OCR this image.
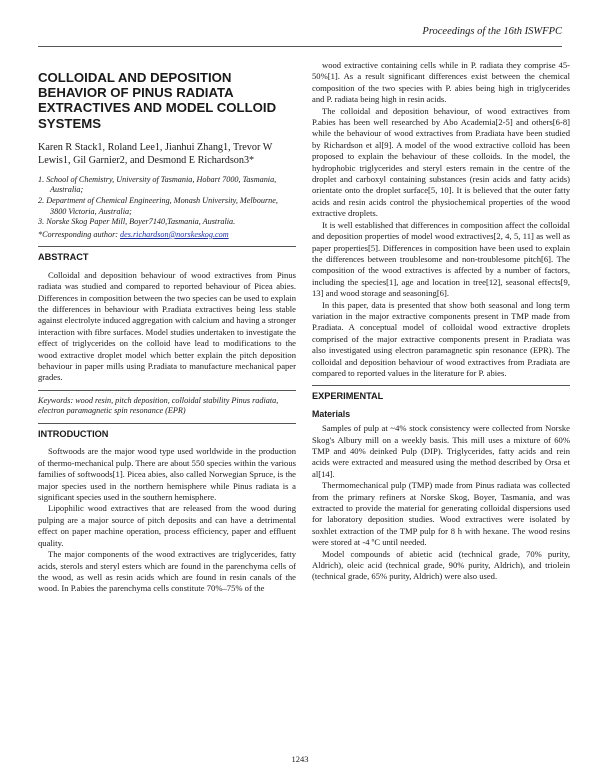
Proceedings of the 16th ISWFPC
COLLOIDAL AND DEPOSITION BEHAVIOR OF PINUS RADIATA EXTRACTIVES AND MODEL COLLOID SYSTEMS
Karen R Stack1, Roland Lee1, Jianhui Zhang1, Trevor W Lewis1, Gil Garnier2, and Desmond E Richardson3*
1. School of Chemistry, University of Tasmania, Hobart 7000, Tasmania, Australia;
2. Department of Chemical Engineering, Monash University, Melbourne, 3800 Victoria, Australia;
3. Norske Skog Paper Mill, Boyer7140,Tasmania, Australia.
*Corresponding author: des.richardson@norskeskog.com
ABSTRACT

Colloidal and deposition behaviour of wood extractives from Pinus radiata was studied and compared to reported behaviour of Picea abies. Differences in composition between the two species can be used to explain the differences in behaviour with P.radiata extractives being less stable against electrolyte induced aggregation with calcium and having a stronger interaction with fibre surfaces. Model studies undertaken to investigate the effect of triglycerides on the colloid have lead to modifications to the wood extractive droplet model which better explain the pitch deposition behaviour in paper mills using P.radiata to manufacture mechanical paper grades.

Keywords: wood resin, pitch deposition, colloidal stability Pinus radiata, electron paramagnetic spin resonance (EPR)
INTRODUCTION

Softwoods are the major wood type used worldwide in the production of thermo-mechanical pulp. There are about 550 species within the various families of softwoods[1]. Picea abies, also called Norwegian Spruce, is the major species used in the northern hemisphere while Pinus radiata is a significant species used in the southern hemisphere.

Lipophilic wood extractives that are released from the wood during pulping are a major source of pitch deposits and can have a detrimental effect on paper machine operation, process efficiency, paper and effluent quality.

The major components of the wood extractives are triglycerides, fatty acids, sterols and steryl esters which are found in the parenchyma cells of the wood, as well as resin acids which are found in resin canals of the wood. In P.abies the parenchyma cells constitute 70%–75% of the

wood extractive containing cells while in P. radiata they comprise 45-50%[1]. As a result significant differences exist between the chemical composition of the two species with P. abies being high in triglycerides and P. radiata being high in resin acids.

The colloidal and deposition behaviour, of wood extractives from P.abies has been well researched by Abo Academia[2-5] and others[6-8] while the behaviour of wood extractives from P.radiata have been studied by Richardson et al[9]. A model of the wood extractive colloid has been proposed to explain the behaviour of these colloids. In the model, the hydrophobic triglycerides and steryl esters remain in the centre of the droplet and carboxyl containing substances (resin acids and fatty acids) orientate onto the droplet surface[5, 10]. It is believed that the outer fatty acids and resin acids control the physiochemical properties of the wood extractive droplets.

It is well established that differences in composition affect the colloidal and deposition properties of model wood extractives[2, 4, 5, 11] as well as paper properties[5]. Differences in composition have been used to explain the differences between troublesome and non-troublesome pitch[6]. The composition of the wood extractives is affected by a number of factors, including the species[1], age and location in tree[12], seasonal effects[9, 13] and wood storage and seasoning[6].

In this paper, data is presented that show both seasonal and long term variation in the major extractive components present in TMP made from P.radiata. A conceptual model of colloidal wood extractive droplets comprised of the major extractive components present in P.radiata was also investigated using electron paramagnetic spin resonance (EPR). The colloidal and deposition behaviour of wood extractives from P.radiata are compared to reported values in the literature for P. abies.

EXPERIMENTAL
Materials

Samples of pulp at ~4% stock consistency were collected from Norske Skog's Albury mill on a weekly basis. This mill uses a mixture of 60% TMP and 40% deinked Pulp (DIP). Triglycerides, fatty acids and rein acids were extracted and measured using the method described by Orsa et al[14].

Thermomechanical pulp (TMP) made from Pinus radiata was collected from the primary refiners at Norske Skog, Boyer, Tasmania, and was extracted to provide the material for generating colloidal dispersions used for laboratory deposition studies. Wood extractives were isolated by soxhlet extraction of the TMP pulp for 8 h with hexane. The wood resins were stored at -4 ºC until needed.

Model compounds of abietic acid (technical grade, 70% purity, Aldrich), oleic acid (technical grade, 90% purity, Aldrich), and triolein (technical grade, 65% purity, Aldrich) were also used.

1243
